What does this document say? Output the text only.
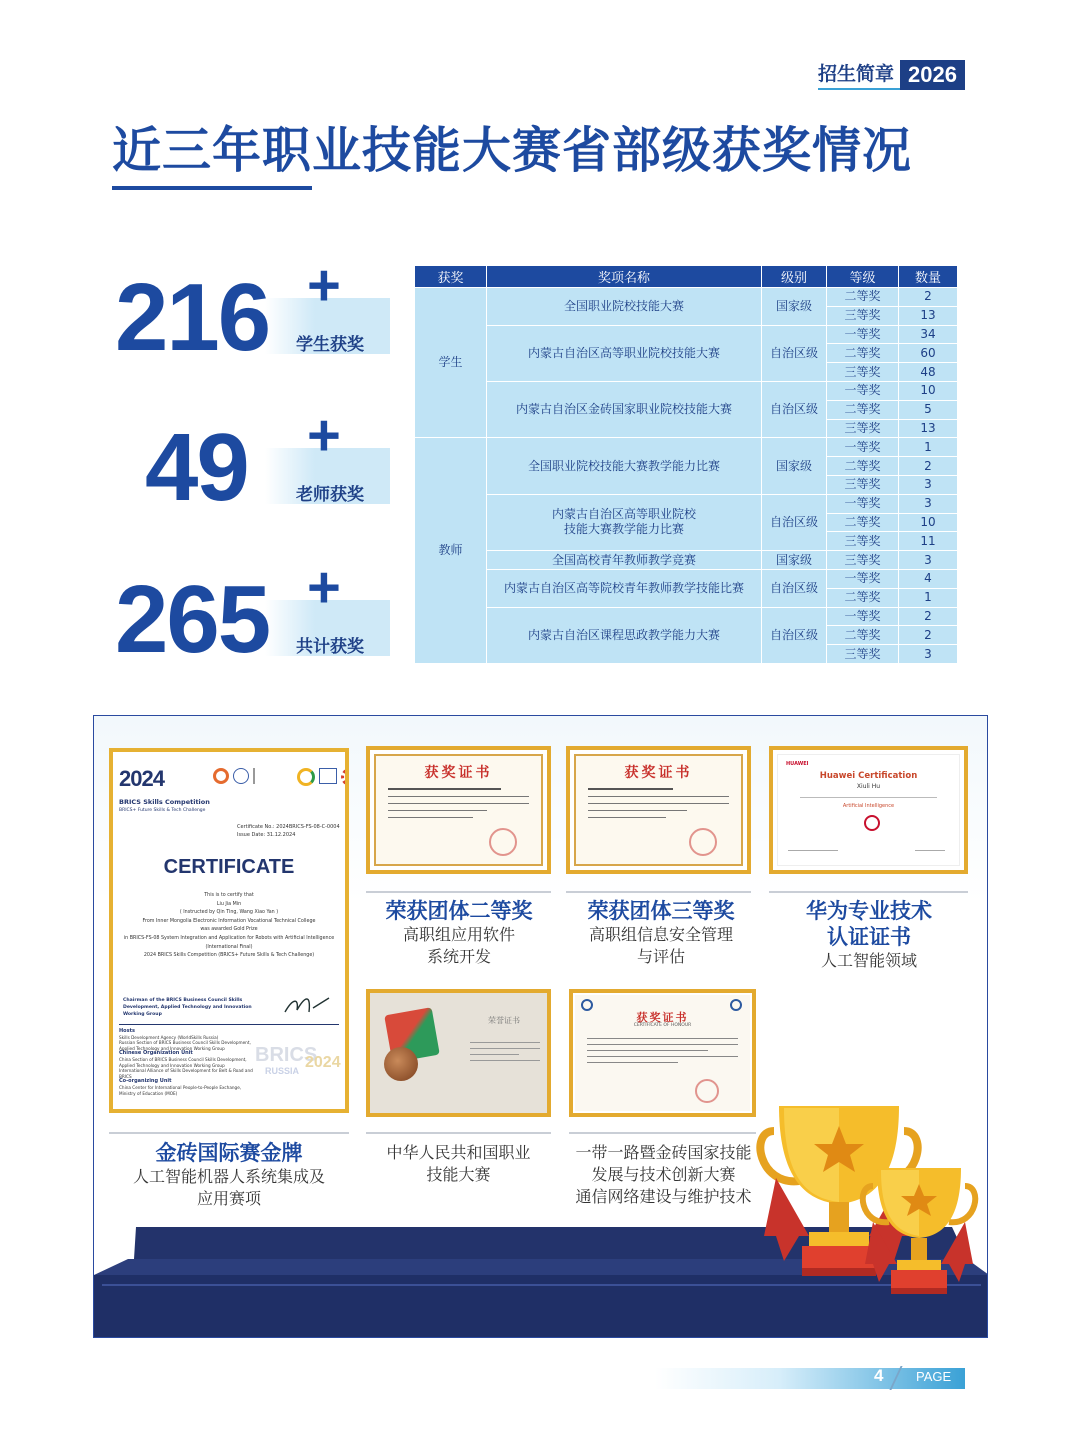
招生简章 2026
近三年职业技能大赛省部级获奖情况
216 +
学生获奖
49 +
老师获奖
265 +
共计获奖
获奖	奖项名称	级别	等级	数量
学生	全国职业院校技能大赛	国家级	二等奖	2
			三等奖	13
	内蒙古自治区高等职业院校技能大赛	自治区级	一等奖	34
			二等奖	60
			三等奖	48
	内蒙古自治区金砖国家职业院校技能大赛	自治区级	一等奖	10
			二等奖	5
			三等奖	13
教师	全国职业院校技能大赛教学能力比赛	国家级	一等奖	1
			二等奖	2
			三等奖	3
	内蒙古自治区高等职业院校
技能大赛教学能力比赛	自治区级	一等奖	3
			二等奖	10
			三等奖	11
	全国高校青年教师教学竞赛	国家级	三等奖	3
	内蒙古自治区高等院校青年教师教学技能比赛	自治区级	一等奖	4
			二等奖	1
	内蒙古自治区课程思政教学能力大赛	自治区级	一等奖	2
			二等奖	2
			三等奖	3
2024
BRICS Skills Competition
BRICS+ Future Skills & Tech Challenge
Certificate No.: 2024BRICS-FS-08-C-0004
Issue Date: 31.12.2024
CERTIFICATE
This is to certify that
Liu Jia Min
( Instructed by Qin Ting, Wang Xiao Yan )
From Inner Mongolia Electronic Information Vocational Technical College
was awarded Gold Prize
in BRICS-FS-08 System Integration and Application for Robots with Artificial Intelligence
(International Final)
2024 BRICS Skills Competition (BRICS+ Future Skills & Tech Challenge)
Chairman of the BRICS Business Council Skills Development, Applied Technology and Innovation Working Group
Hosts
Skills Development Agency (WorldSkills Russia)
Russian Section of BRICS Business Council Skills Development, Applied Technology and Innovation Working Group
Chinese Organization Unit
China Section of BRICS Business Council Skills Development, Applied Technology and Innovation Working Group
International Alliance of Skills Development for Belt & Road and BRICS
Co-organizing Unit
China Center for International People-to-People Exchange, Ministry of Education (MOE)
BRICS
RUSSIA 2024
获奖证书	获奖证书
HUAWEI
Huawei Certification
Xiuli Hu
Artificial Intelligence
荣誉证书	获奖证书
CERTIFICATE OF HONOUR
荣获团体二等奖
高职组应用软件
系统开发
荣获团体三等奖
高职组信息安全管理
与评估
华为专业技术
认证证书
人工智能领域
金砖国际赛金牌
人工智能机器人系统集成及
应用赛项
中华人民共和国职业
技能大赛
一带一路暨金砖国家技能
发展与技术创新大赛
通信网络建设与维护技术
4	PAGE
